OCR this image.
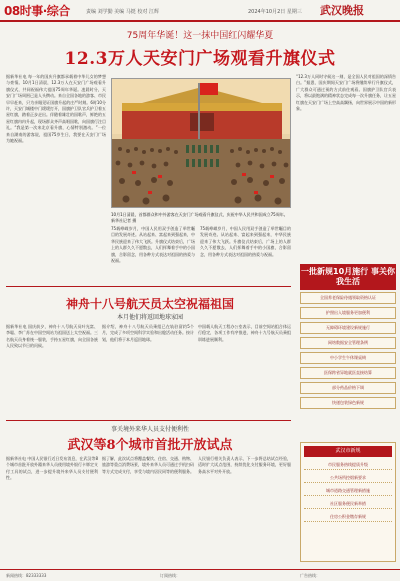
08时事·综合	责编 刘学勤 美编 马挺 校对 江辉	2024年10月2日 星期三 武汉晚报
75周年华诞！这一抹中国红闪耀华夏
12.3万人天安门广场观看升旗仪式
据新华社电 每一年的国庆升旗都承载着中华儿女的梦想与豪情。10月1日清晨，12.3万人在天安门广场观看升旗仪式，共同祝福伟大祖国75周年华诞。凌晨时分，天安门广场周围已是人头攒动。来自全国各地的游客、市民早早赶来，只为亲眼见证国旗升起的庄严时刻。6时10分许，天安门城楼中门缓缓打开，国旗护卫队官兵护卫着五星红旗，踏着正步走出。伴随着雄壮的国歌声，鲜艳的五星红旗冉冉升起，现场群众齐声高唱国歌，向国旗行注目礼。“我是第一次来北京看升旗，心情特别激动。”一位来自湖南的游客说，祖国75岁生日，我要在天安门广场为她祝福。
10月1日清晨，首都群众和中外游客在天安门广场观看升旗仪式，庆祝中华人民共和国成立75周年。新华社记者 摄
75载峥嵘岁月，中国人民用双手创造了举世瞩目的发展奇迹。从站起来、富起来到强起来，中华民族迎来了伟大飞跃。升旗仪式结束后，广场上的人群久久不愿散去，人们挥舞着手中的小国旗，合影留念，用各种方式表达对祖国的热爱与祝福。
75载峥嵘岁月，中国人民用双手创造了举世瞩目的发展奇迹。从站起来、富起来到强起来，中华民族迎来了伟大飞跃。升旗仪式结束后，广场上的人群久久不愿散去，人们挥舞着手中的小国旗，合影留念，用各种方式表达对祖国的热爱与祝福。
“12.3万人同时守候这一刻，是全国人民对祖国的深情告白。”据悉，国庆期间天安门广场将继续举行升旗仪式，广大群众可通过预约方式前往观看。国旗护卫队官兵表示，将以最饱满的精神状态完成每一次升旗任务，让五星红旗在天安门广场上空高高飘扬，向世界展示中国的新形象。
神舟十八号航天员太空祝福祖国
本月他们将返回地球家园
据新华社电 国庆前夕，神舟十八号航天员叶光富、李聪、李广苏在中国空间站为祖国送上太空祝福。三名航天员身着统一服装，手持五星红旗，向全国各族人民致以节日的问候。
据介绍，神舟十八号航天员乘组已在轨驻留约5个月，完成了多项空间科学实验和出舱活动任务。按计划，他们将于本月返回地球。
中国载人航天工程办公室表示，目前空间站组合体运行稳定，各项工作有序推进，神舟十九号航天员乘组训练进展顺利。
事关境外来华人员支付便利性
武汉等8个城市首批开放试点
据新华社电 中国人民银行近日发布消息，在武汉等8个城市首批开放外籍来华人员使用境外银行卡绑定支付工具的试点，进一步提升境外来华人员支付便利性。
据了解，此次试点将覆盖餐饮、住宿、交通、购物、旅游等重点消费场景，境外来华人员可通过手机扫码等方式完成支付，享受与境内居民同等的便利服务。
人民银行相关负责人表示，下一步将总结试点经验，适时扩大试点范围，持续优化支付服务环境，更好服务高水平对外开放。
一批新规10月施行 事关你我生活
全国养老保险待遇领取资格认证
护照出入境服务更加便利
无障碍环境建设新规施行
网络数据安全管理条例
中小学生午休课桌椅
医保跨省异地就医直接结算
部分药品价格下调
快递包装绿色新规
武汉市新规
市民服务热线提质升级
公共场所控烟新要求
城市道路交通管理新措施
社区服务便民新举措
住房公积金缴存新规
新闻热线：82333333	订阅热线：	广告热线：
